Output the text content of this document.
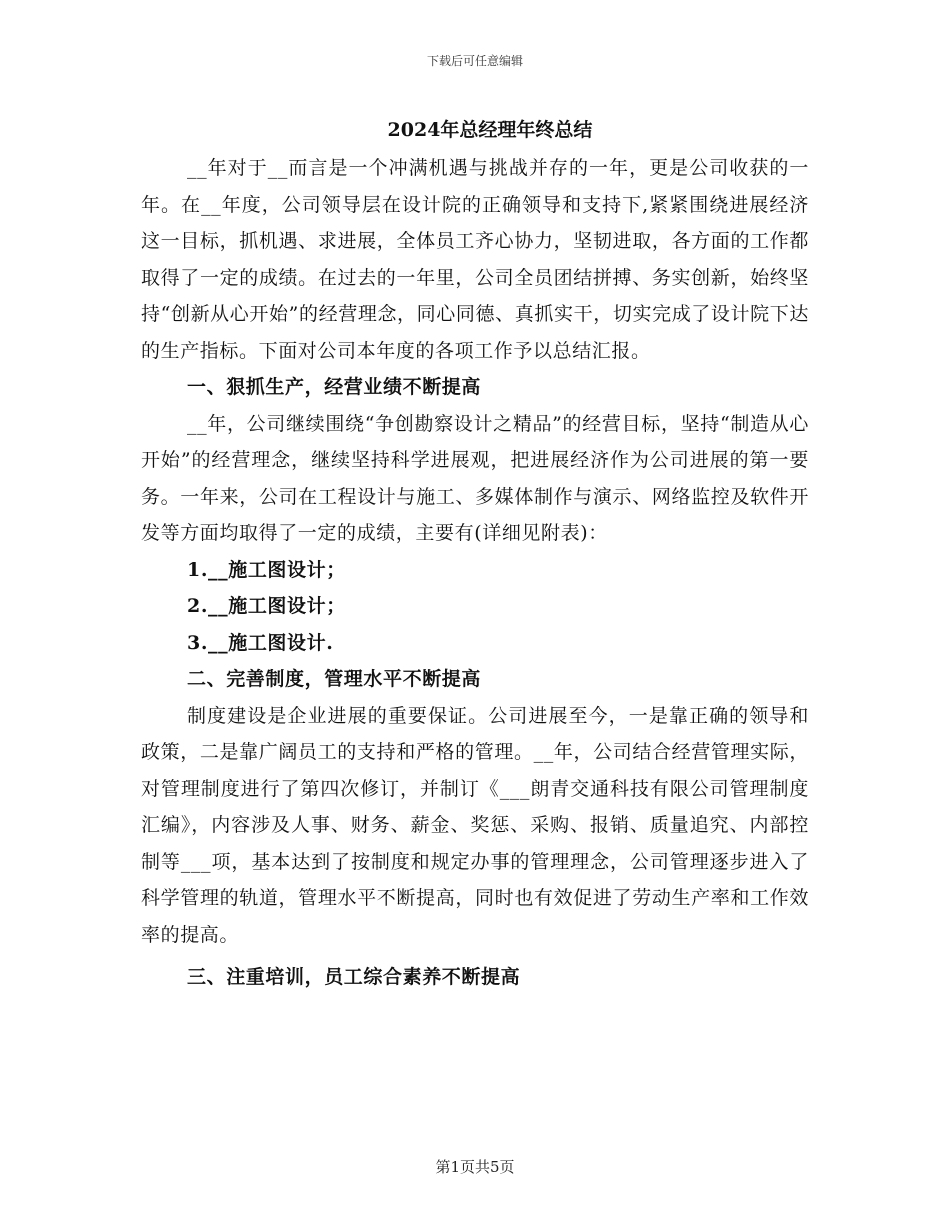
下载后可任意编辑
2024年总经理年终总结

__年对于__而言是一个冲满机遇与挑战并存的一年，更是公司收获的一年。在__年度，公司领导层在设计院的正确领导和支持下,紧紧围绕进展经济这一目标，抓机遇、求进展，全体员工齐心协力，坚韧进取，各方面的工作都取得了一定的成绩。在过去的一年里，公司全员团结拼搏、务实创新，始终坚持“创新从心开始”的经营理念，同心同德、真抓实干，切实完成了设计院下达的生产指标。下面对公司本年度的各项工作予以总结汇报。

一、狠抓生产，经营业绩不断提高

__年，公司继续围绕“争创勘察设计之精品”的经营目标，坚持“制造从心开始”的经营理念，继续坚持科学进展观，把进展经济作为公司进展的第一要务。一年来，公司在工程设计与施工、多媒体制作与演示、网络监控及软件开发等方面均取得了一定的成绩，主要有(详细见附表)：

1.__施工图设计；

2.__施工图设计；

3.__施工图设计.

二、完善制度，管理水平不断提高

制度建设是企业进展的重要保证。公司进展至今，一是靠正确的领导和政策，二是靠广阔员工的支持和严格的管理。__年，公司结合经营管理实际，对管理制度进行了第四次修订，并制订《___朗青交通科技有限公司管理制度汇编》，内容涉及人事、财务、薪金、奖惩、采购、报销、质量追究、内部控制等___项，基本达到了按制度和规定办事的管理理念，公司管理逐步进入了科学管理的轨道，管理水平不断提高，同时也有效促进了劳动生产率和工作效率的提高。

三、注重培训，员工综合素养不断提高

第1页共5页
